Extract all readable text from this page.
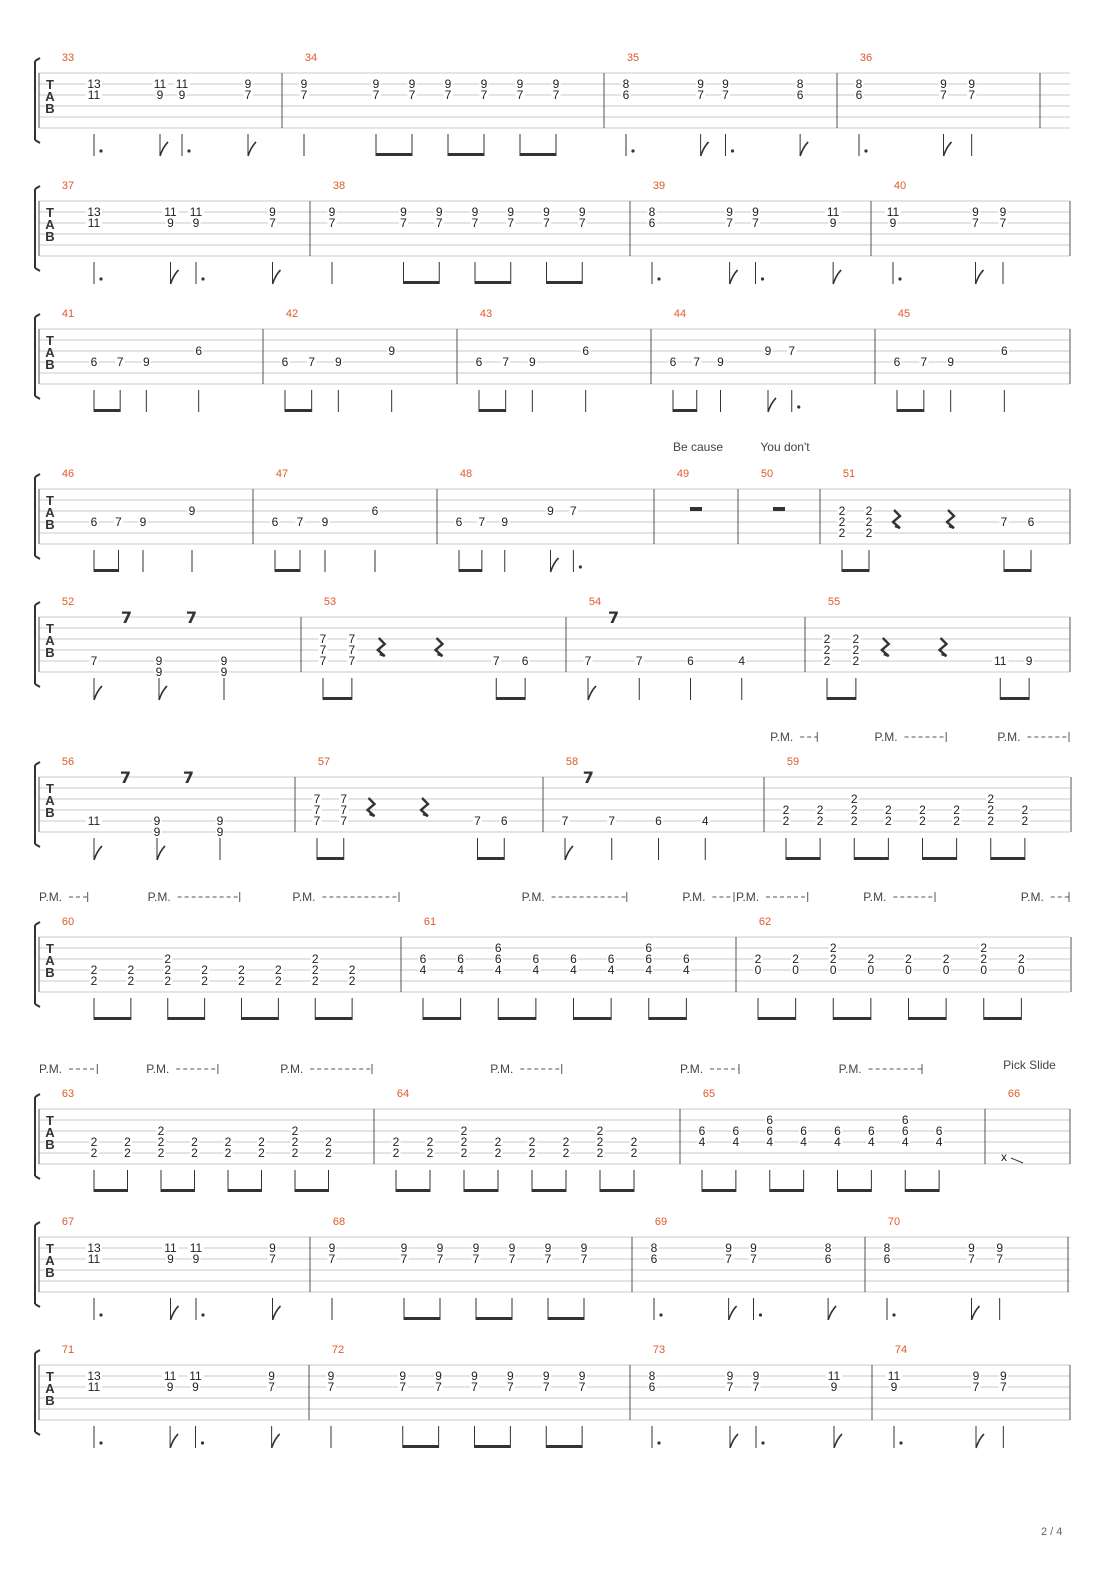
T
A
B
33
13
11
11
9
11
9
9
7
34
9
7
9
7
9
7
9
7
9
7
9
7
9
7
35
8
6
9
7
9
7
8
6
36
8
6
9
7
9
7
T
A
B
37
13
11
11
9
11
9
9
7
38
9
7
9
7
9
7
9
7
9
7
9
7
9
7
39
8
6
9
7
9
7
11
9
40
11
9
9
7
9
7
T
A
B
41
6 7 9
6
42
6 7 9
9
43
6 7 9
6
44
6 7 9
9 7
45
6 7 9
6
T
A
B
46
6 7 9
9
47
6 7 9
6
48
6 7 9
9 7
49	50	51
2
2
2
2
2
2
7 6
T
A
B
52
7
7
9
9
7
9
9
53
7
7
7
7
7
7	7 6
54
7
7
7	6	4
55
2
2
2
2
2
2	11 9
T
A
B
56
11
7
9
9
7
9
9
57
7
7
7
7
7
7	7 6
58
7
7
7	6	4
59
2
2
2
2
2
2
2
2
2
2
2
2
2
2
2
2
2
2
P.M.	P.M.	P.M.
T
A
B
60
2
2
2
2
2
2
2
2
2
2
2
2
2
2
2
2
2
2
P.M.	P.M.	P.M.
61
6
4
6
4
6
6
4
6
4
6
4
6
4
6
6
4
6
4
P.M.	P.M.
62
2
0
2
0
2
2
0
2
0
2
0
2
0
2
2
0
2
0
P.M.	P.M.	P.M.
T
A
B
63
2
2
2
2
2
2
2
2
2
2
2
2
2
2
2
2
2
2
P.M.	P.M.	P.M.
64
2
2
2
2
2
2
2
2
2
2
2
2
2
2
2
2
2
2
P.M.
65
6
4
6
4
6
6
4
6
4
6
4
6
4
6
6
4
6
4
P.M.	P.M.
66
Pick Slide
x
T
A
B
67
13
11
11
9
11
9
9
7
68
9
7
9
7
9
7
9
7
9
7
9
7
9
7
69
8
6
9
7
9
7
8
6
70
8
6
9
7
9
7
T
A
B
71
13
11
11
9
11
9
9
7
72
9
7
9
7
9
7
9
7
9
7
9
7
9
7
73
8
6
9
7
9
7
11
9
74
11
9
9
7
9
7
Be cause	You don't
2 / 4
